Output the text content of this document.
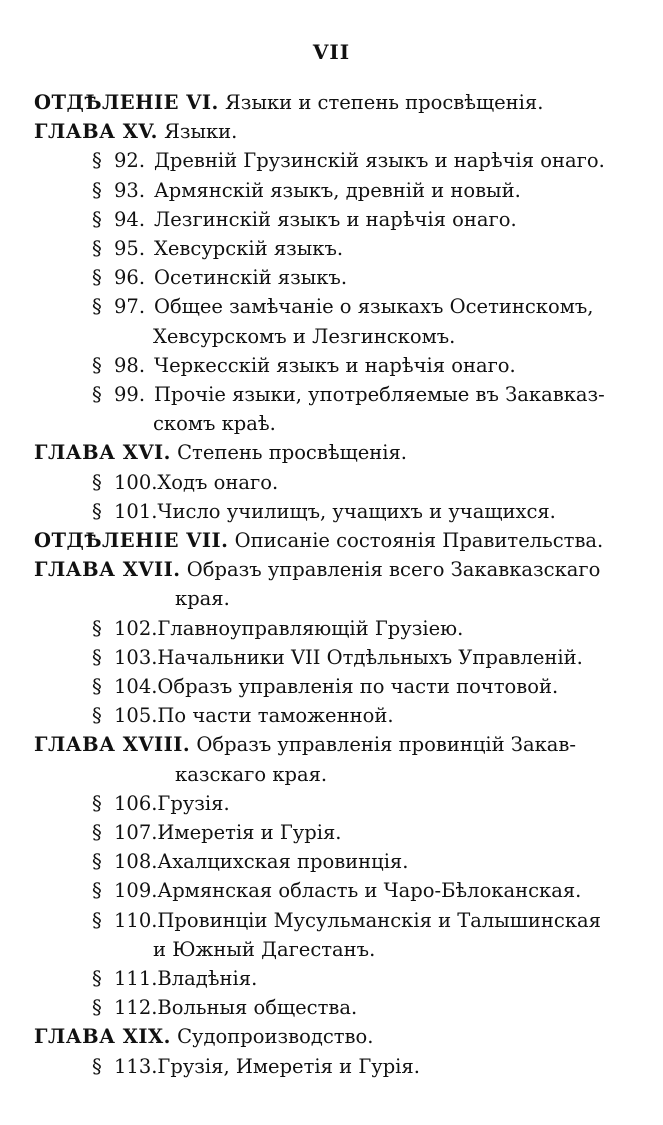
VII
ОТДѢЛЕНІЕ VI. Языки и степень просвѣщенія.
ГЛАВА XV. Языки.
§ 92. Древній Грузинскій языкъ и нарѣчія онаго.
§ 93. Армянскій языкъ, древній и новый.
§ 94. Лезгинскій языкъ и нарѣчія онаго.
§ 95. Хевсурскій языкъ.
§ 96. Осетинскій языкъ.
§ 97. Общее замѣчаніе о языкахъ Осетинскомъ,
Хевсурскомъ и Лезгинскомъ.
§ 98. Черкесскій языкъ и нарѣчія онаго.
§ 99. Прочіе языки, употребляемые въ Закавказ-
скомъ краѣ.
ГЛАВА XVI. Степень просвѣщенія.
§ 100.Ходъ онаго.
§ 101.Число училищъ, учащихъ и учащихся.
ОТДѢЛЕНІЕ VII. Описаніе состоянія Правительства.
ГЛАВА XVII. Образъ управленія всего Закавказскаго
края.
§ 102.Главноуправляющій Грузіею.
§ 103.Начальники VII Отдѣльныхъ Управленій.
§ 104.Образъ управленія по части почтовой.
§ 105.По части таможенной.
ГЛАВА XVIII. Образъ управленія провинцій Закав-
казскаго края.
§ 106.Грузія.
§ 107.Имеретія и Гурія.
§ 108.Ахалцихская провинція.
§ 109.Армянская область и Чаро-Бѣлоканская.
§ 110.Провинціи Мусульманскія и Талышинская
и Южный Дагестанъ.
§ 111.Владѣнія.
§ 112.Вольныя общества.
ГЛАВА XIX. Судопроизводство.
§ 113.Грузія, Имеретія и Гурія.
